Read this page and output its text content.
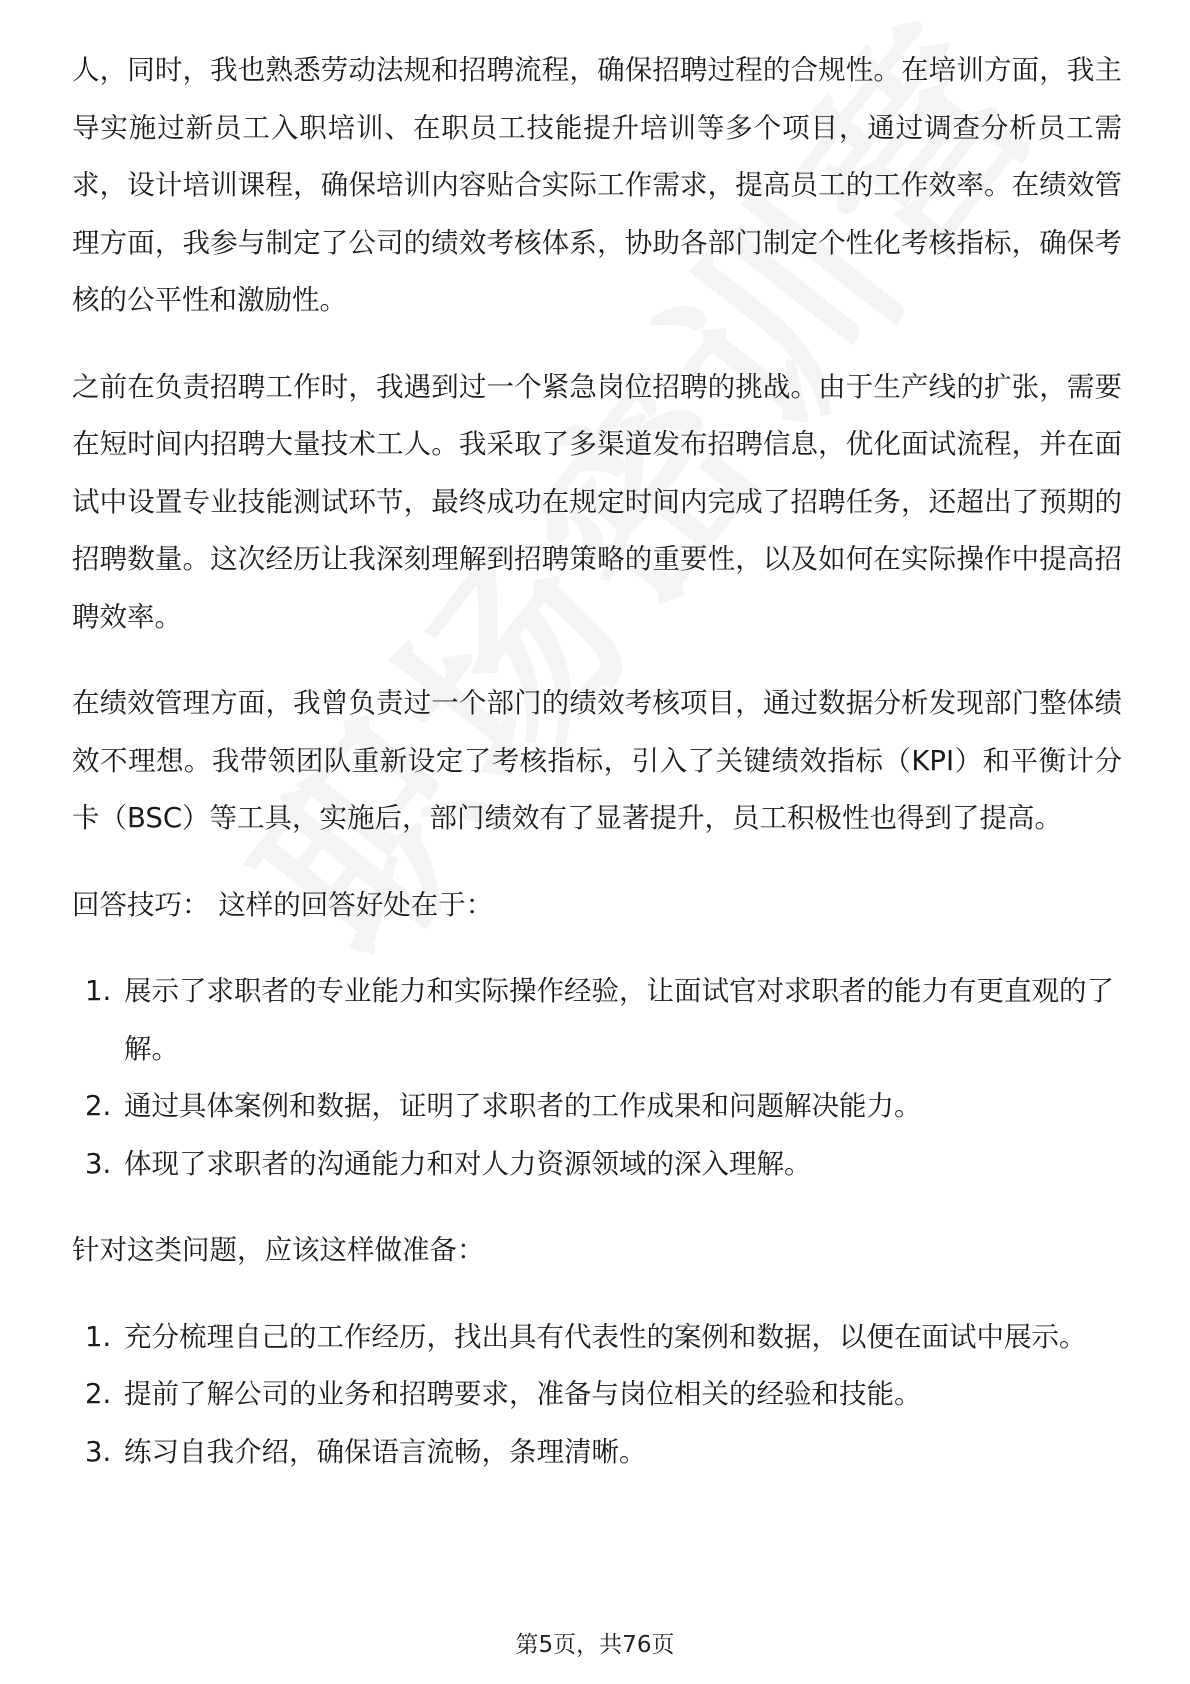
人，同时，我也熟悉劳动法规和招聘流程，确保招聘过程的合规性。在培训方面，我主导实施过新员工入职培训、在职员工技能提升培训等多个项目，通过调查分析员工需求，设计培训课程，确保培训内容贴合实际工作需求，提高员工的工作效率。在绩效管理方面，我参与制定了公司的绩效考核体系，协助各部门制定个性化考核指标，确保考核的公平性和激励性。

之前在负责招聘工作时，我遇到过一个紧急岗位招聘的挑战。由于生产线的扩张，需要在短时间内招聘大量技术工人。我采取了多渠道发布招聘信息，优化面试流程，并在面试中设置专业技能测试环节，最终成功在规定时间内完成了招聘任务，还超出了预期的招聘数量。这次经历让我深刻理解到招聘策略的重要性，以及如何在实际操作中提高招聘效率。

在绩效管理方面，我曾负责过一个部门的绩效考核项目，通过数据分析发现部门整体绩效不理想。我带领团队重新设定了考核指标，引入了关键绩效指标（KPI）和平衡计分卡（BSC）等工具，实施后，部门绩效有了显著提升，员工积极性也得到了提高。

回答技巧： 这样的回答好处在于：

1. 展示了求职者的专业能力和实际操作经验，让面试官对求职者的能力有更直观的了解。
2. 通过具体案例和数据，证明了求职者的工作成果和问题解决能力。
3. 体现了求职者的沟通能力和对人力资源领域的深入理解。

针对这类问题，应该这样做准备：

1. 充分梳理自己的工作经历，找出具有代表性的案例和数据，以便在面试中展示。
2. 提前了解公司的业务和招聘要求，准备与岗位相关的经验和技能。
3. 练习自我介绍，确保语言流畅，条理清晰。
第5页，共76页
